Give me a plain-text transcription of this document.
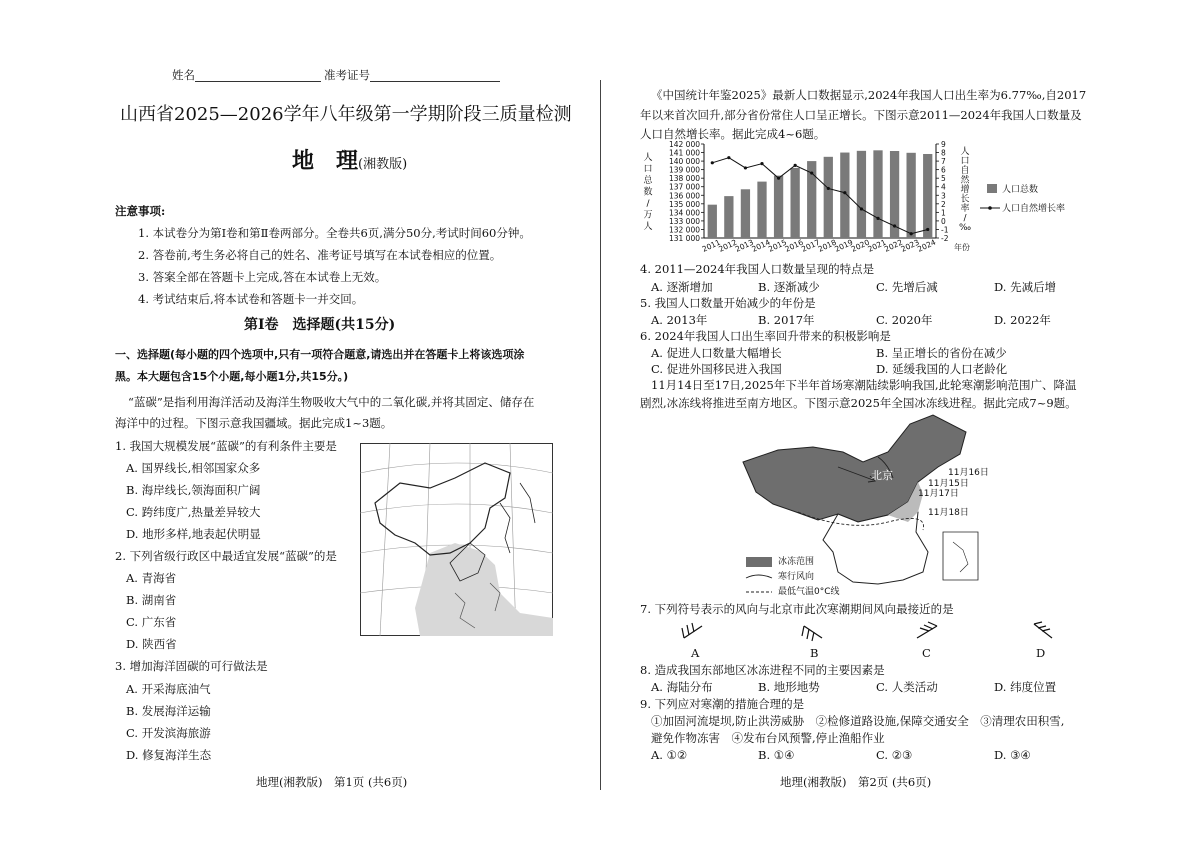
姓名	准考证号
山西省2025—2026学年八年级第一学期阶段三质量检测
地　理(湘教版)
注意事项:
1. 本试卷分为第Ⅰ卷和第Ⅱ卷两部分。全卷共6页,满分50分,考试时间60分钟。
2. 答卷前,考生务必将自己的姓名、准考证号填写在本试卷相应的位置。
3. 答案全部在答题卡上完成,答在本试卷上无效。
4. 考试结束后,将本试卷和答题卡一并交回。
第Ⅰ卷　选择题(共15分)
一、选择题(每小题的四个选项中,只有一项符合题意,请选出并在答题卡上将该选项涂
黑。本大题包含15个小题,每小题1分,共15分。)
“蓝碳”是指利用海洋活动及海洋生物吸收大气中的二氧化碳,并将其固定、储存在
海洋中的过程。下图示意我国疆域。据此完成1~3题。
1. 我国大规模发展“蓝碳”的有利条件主要是
A. 国界线长,相邻国家众多
B. 海岸线长,领海面积广阔
C. 跨纬度广,热量差异较大
D. 地形多样,地表起伏明显
2. 下列省级行政区中最适宜发展“蓝碳”的是
A. 青海省
B. 湖南省
C. 广东省
D. 陕西省
3. 增加海洋固碳的可行做法是
A. 开采海底油气
B. 发展海洋运输
C. 开发滨海旅游
D. 修复海洋生态
地理(湘教版)　第1页 (共6页)
《中国统计年鉴2025》最新人口数据显示,2024年我国人口出生率为6.77‰,自2017
年以来首次回升,部分省份常住人口呈正增长。下图示意2011—2024年我国人口数量及
人口自然增长率。据此完成4~6题。
142 000
141 000
140 000
139 000
138 000
137 000
136 000
135 000
134 000
133 000
132 000
131 000
9
8
7
6
5
4
3
2
1
0
-1
-2
2011
2012
2013
2014
2015
2016
2017
2018
2019
2020
2021
2022
2023
2024 年份
人
口
总
数
/
万
人
人
口
自
然
增
长
率
/
‰
人口总数
人口自然增长率
4. 2011—2024年我国人口数量呈现的特点是
A. 逐渐增加	B. 逐渐减少	C. 先增后减	D. 先减后增
5. 我国人口数量开始减少的年份是
A. 2013年	B. 2017年	C. 2020年	D. 2022年
6. 2024年我国人口出生率回升带来的积极影响是
A. 促进人口数量大幅增长	B. 呈正增长的省份在减少
C. 促进外国移民进入我国	D. 延缓我国的人口老龄化
11月14日至17日,2025年下半年首场寒潮陆续影响我国,此轮寒潮影响范围广、降温
剧烈,冰冻线将推进至南方地区。下图示意2025年全国冰冻线进程。据此完成7~9题。
北京	11月16日
11月15日
11月17日
11月18日
冰冻范围
寒行风向
最低气温0°C线
7. 下列符号表示的风向与北京市此次寒潮期间风向最接近的是
A	B	C	D
8. 造成我国东部地区冰冻进程不同的主要因素是
A. 海陆分布	B. 地形地势	C. 人类活动	D. 纬度位置
9. 下列应对寒潮的措施合理的是
①加固河流堤坝,防止洪涝威胁　②检修道路设施,保障交通安全　③清理农田积雪,
避免作物冻害　④发布台风预警,停止渔船作业
A. ①②	B. ①④	C. ②③	D. ③④
地理(湘教版)　第2页 (共6页)
